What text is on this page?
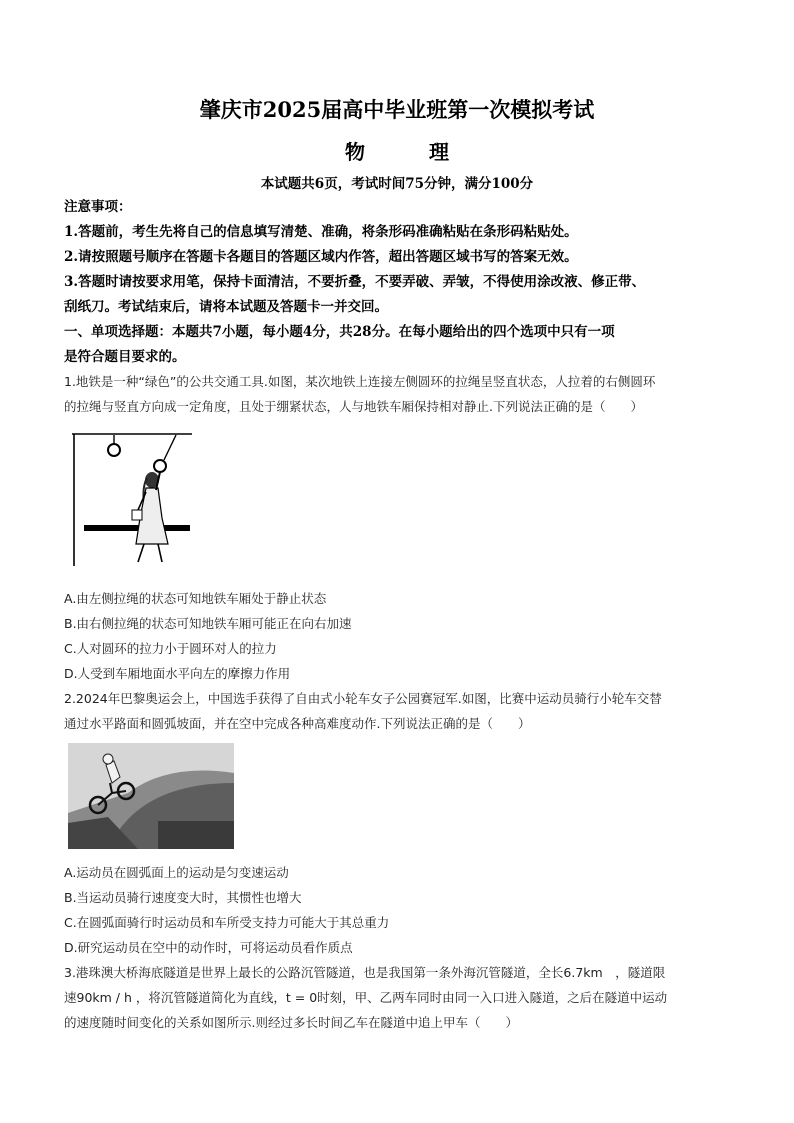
肇庆市2025届高中毕业班第一次模拟考试
物　理
本试题共6页，考试时间75分钟，满分100分
注意事项：
1.答题前，考生先将自己的信息填写清楚、准确，将条形码准确粘贴在条形码粘贴处。
2.请按照题号顺序在答题卡各题目的答题区域内作答，超出答题区域书写的答案无效。
3.答题时请按要求用笔，保持卡面清洁，不要折叠，不要弄破、弄皱，不得使用涂改液、修正带、
刮纸刀。考试结束后，请将本试题及答题卡一并交回。
一、单项选择题：本题共7小题，每小题4分，共28分。在每小题给出的四个选项中只有一项
是符合题目要求的。
1.地铁是一种“绿色”的公共交通工具.如图，某次地铁上连接左侧圆环的拉绳呈竖直状态，人拉着的右侧圆环
的拉绳与竖直方向成一定角度，且处于绷紧状态，人与地铁车厢保持相对静止.下列说法正确的是（　　）
A.由左侧拉绳的状态可知地铁车厢处于静止状态
B.由右侧拉绳的状态可知地铁车厢可能正在向右加速
C.人对圆环的拉力小于圆环对人的拉力
D.人受到车厢地面水平向左的摩擦力作用
2.2024年巴黎奥运会上，中国选手获得了自由式小轮车女子公园赛冠军.如图，比赛中运动员骑行小轮车交替
通过水平路面和圆弧坡面，并在空中完成各种高难度动作.下列说法正确的是（　　）
A.运动员在圆弧面上的运动是匀变速运动
B.当运动员骑行速度变大时，其惯性也增大
C.在圆弧面骑行时运动员和车所受支持力可能大于其总重力
D.研究运动员在空中的动作时，可将运动员看作质点
3.港珠澳大桥海底隧道是世界上最长的公路沉管隧道，也是我国第一条外海沉管隧道，全长6.7km　，隧道限
速90km / h ，将沉管隧道简化为直线，t = 0时刻，甲、乙两车同时由同一入口进入隧道，之后在隧道中运动
的速度随时间变化的关系如图所示.则经过多长时间乙车在隧道中追上甲车（　　）
